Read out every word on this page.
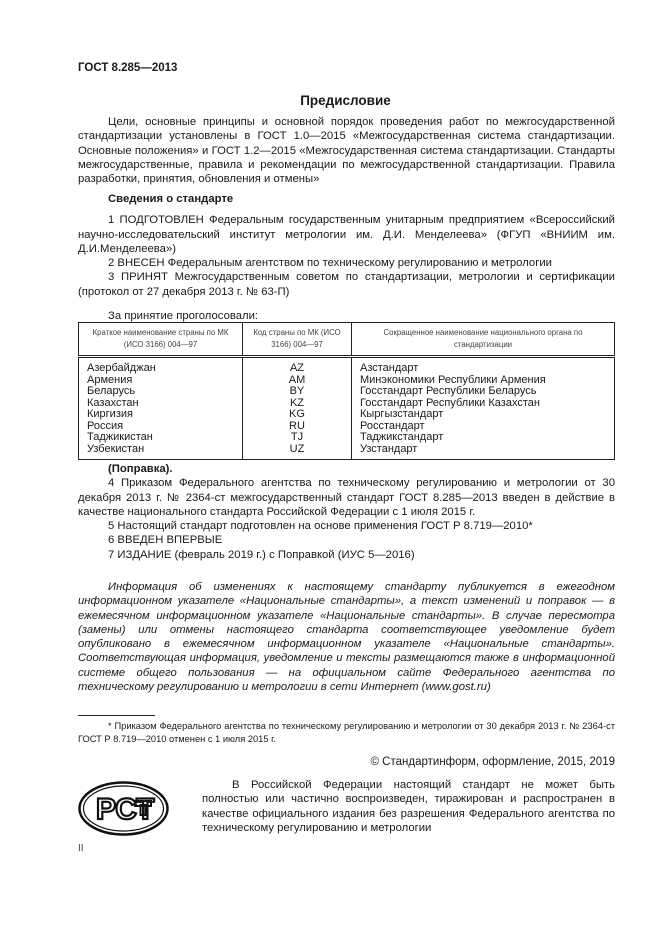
ГОСТ 8.285—2013
Предисловие

Цели, основные принципы и основной порядок проведения работ по межгосударственной стандартизации установлены в ГОСТ 1.0—2015 «Межгосударственная система стандартизации. Основные положения» и ГОСТ 1.2—2015 «Межгосударственная система стандартизации. Стандарты межгосударственные, правила и рекомендации по межгосударственной стандартизации. Правила разработки, принятия, обновления и отмены»

Сведения о стандарте

1 ПОДГОТОВЛЕН Федеральным государственным унитарным предприятием «Всероссийский научно-исследовательский институт метрологии им. Д.И. Менделеева» (ФГУП «ВНИИМ им. Д.И.Менделеева»)

2 ВНЕСЕН Федеральным агентством по техническому регулированию и метрологии

3 ПРИНЯТ Межгосударственным советом по стандартизации, метрологии и сертификации (протокол от 27 декабря 2013 г. № 63-П)

За принятие проголосовали:

Краткое наименование страны по МК (ИСО 3166) 004—97	Код страны по МК (ИСО 3166) 004—97	Сокращенное наименование национального органа по стандартизации
Азербайджан	AZ	Азстандарт
Армения	AM	Минэкономики Республики Армения
Беларусь	BY	Госстандарт Республики Беларусь
Казахстан	KZ	Госстандарт Республики Казахстан
Киргизия	KG	Кыргызстандарт
Россия	RU	Росстандарт
Таджикистан	TJ	Таджикстандарт
Узбекистан	UZ	Узстандарт

(Поправка).

4 Приказом Федерального агентства по техническому регулированию и метрологии от 30 декабря 2013 г. № 2364-ст межгосударственный стандарт ГОСТ 8.285—2013 введен в действие в качестве национального стандарта Российской Федерации с 1 июля 2015 г.

5 Настоящий стандарт подготовлен на основе применения ГОСТ Р 8.719—2010*

6 ВВЕДЕН ВПЕРВЫЕ

7 ИЗДАНИЕ (февраль 2019 г.) с Поправкой (ИУС 5—2016)

Информация об изменениях к настоящему стандарту публикуется в ежегодном информационном указателе «Национальные стандарты», а текст изменений и поправок — в ежемесячном информационном указателе «Национальные стандарты». В случае пересмотра (замены) или отмены настоящего стандарта соответствующее уведомление будет опубликовано в ежемесячном информационном указателе «Национальные стандарты». Соответствующая информация, уведомление и тексты размещаются также в информационной системе общего пользования — на официальном сайте Федерального агентства по техническому регулированию и метрологии в сети Интернет (www.gost.ru)

* Приказом Федерального агентства по техническому регулированию и метрологии от 30 декабря 2013 г. № 2364-ст ГОСТ Р 8.719—2010 отменен с 1 июля 2015 г.

© Стандартинформ, оформление, 2015, 2019
РСТ

В Российской Федерации настоящий стандарт не может быть полностью или частично воспроизведен, тиражирован и распространен в качестве официального издания без разрешения Федерального агентства по техническому регулированию и метрологии

II
